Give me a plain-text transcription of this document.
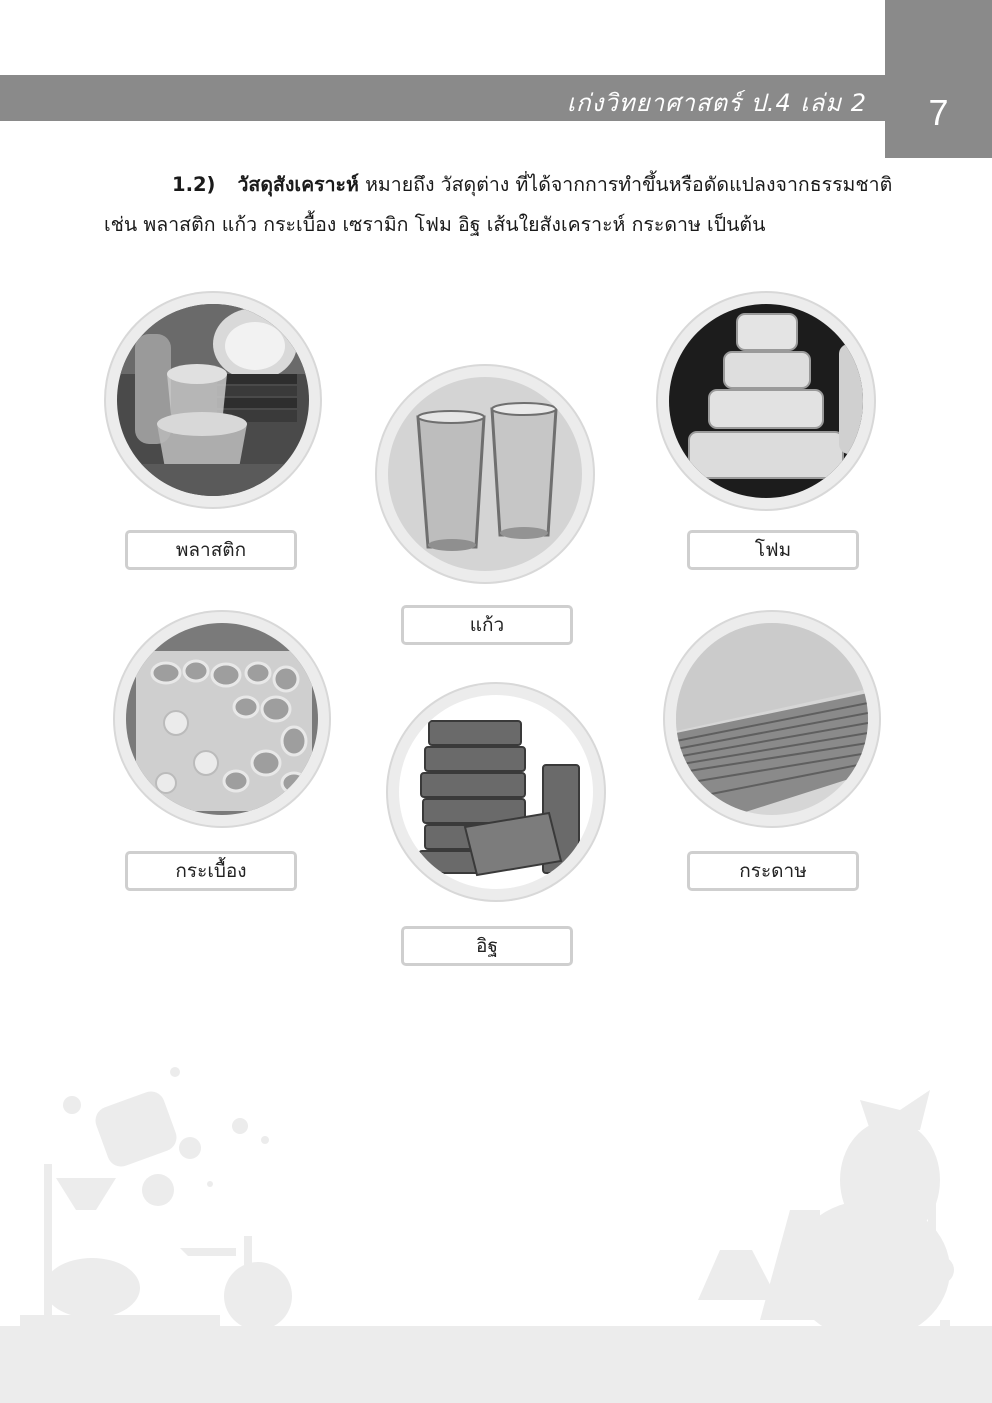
เก่งวิทยาศาสตร์ ป.4 เล่ม 2	7
1.2) วัสดุสังเคราะห์ หมายถึง วัสดุต่าง ที่ได้จากการทำขึ้นหรือดัดแปลงจากธรรมชาติ เช่น พลาสติก แก้ว กระเบื้อง เซรามิก โฟม อิฐ เส้นใยสังเคราะห์ กระดาษ เป็นต้น
พลาสติก
แก้ว
โฟม
กระเบื้อง
อิฐ
กระดาษ
